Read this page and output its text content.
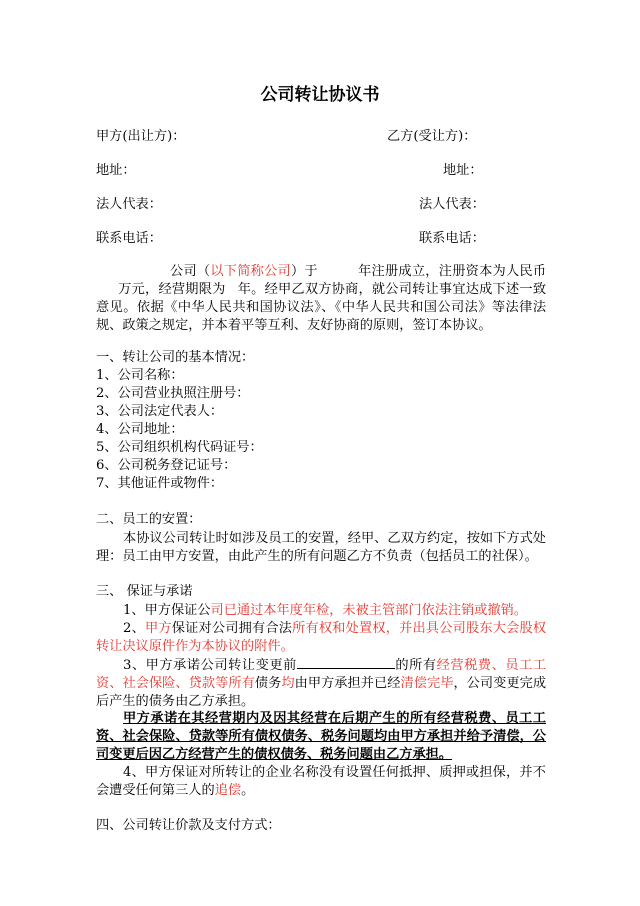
公司转让协议书
甲方(出让方)：	乙方(受让方)：
地址：	地址：
法人代表：	法人代表：
联系电话：	联系电话：
公司（以下简称公司）于	年注册成立，注册资本为人民币万元，经营期限为 年。经甲乙双方协商，就公司转让事宜达成下述一致意见。依据《中华人民共和国协议法》、《中华人民共和国公司法》等法律法规、政策之规定，并本着平等互利、友好协商的原则，签订本协议。
一、转让公司的基本情况：
1、公司名称：
2、公司营业执照注册号：
3、公司法定代表人：
4、公司地址：
5、公司组织机构代码证号：
6、公司税务登记证号：
7、其他证件或物件：
二、员工的安置：
本协议公司转让时如涉及员工的安置，经甲、乙双方约定，按如下方式处理：员工由甲方安置，由此产生的所有问题乙方不负责（包括员工的社保）。
三、 保证与承诺
1、甲方保证公司已通过本年度年检，未被主管部门依法注销或撤销。
2、甲方保证对公司拥有合法所有权和处置权，并出具公司股东大会股权转让决议原件作为本协议的附件。
3、甲方承诺公司转让变更前	的所有经营税费、员工工资、社会保险、贷款等所有债务均由甲方承担并已经清偿完毕，公司变更完成后产生的债务由乙方承担。
甲方承诺在其经营期内及因其经营在后期产生的所有经营税费、员工工资、社会保险、贷款等所有债权债务、税务问题均由甲方承担并给予清偿，公司变更后因乙方经营产生的债权债务、税务问题由乙方承担。
4、甲方保证对所转让的企业名称没有设置任何抵押、质押或担保，并不会遭受任何第三人的追偿。
四、公司转让价款及支付方式：
